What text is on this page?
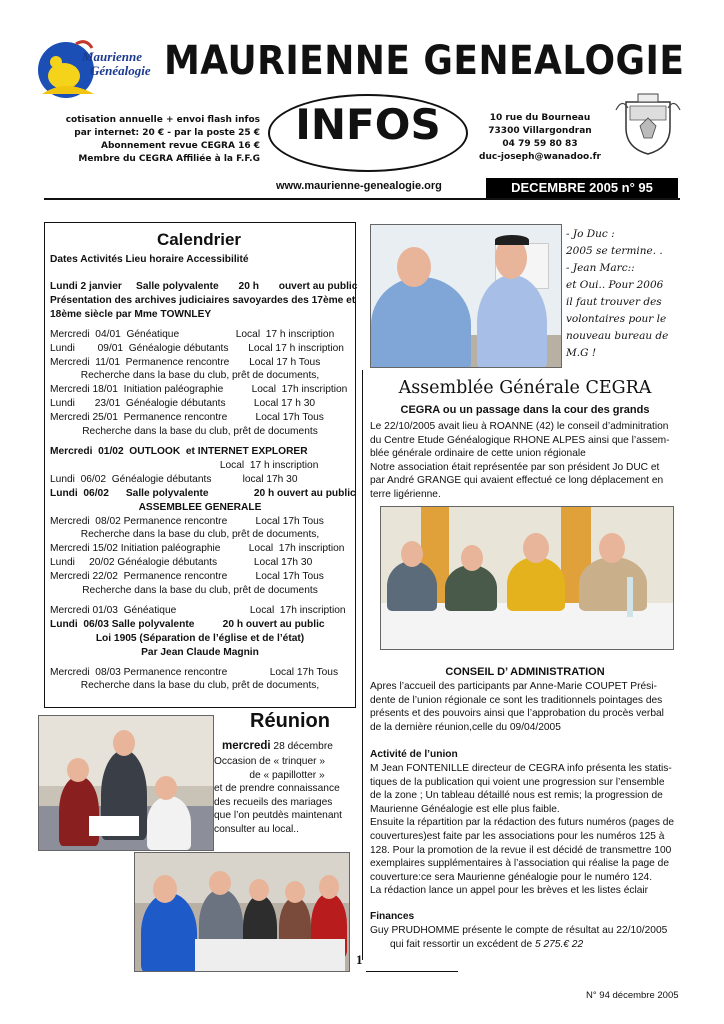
Maurienne
Généalogie MAURIENNE GENEALOGIE
cotisation annuelle + envoi flash infos
par internet: 20 € - par la poste 25 €
Abonnement revue CEGRA 16 €
Membre du CEGRA Affiliée à la F.F.G
INFOS	10 rue du Bourneau
73300 Villargondran
04 79 59 80 83
duc-joseph@wanadoo.fr
www.maurienne-genealogie.org	DECEMBRE 2005 n° 95
Calendrier
Dates Activités Lieu horaire Accessibilité
Lundi 2 janvier     Salle polyvalente       20 h       ouvert au public
Présentation des archives judiciaires savoyardes des 17ème et
18ème siècle par Mme TOWNLEY
Mercredi  04/01  Généatique                    Local  17 h inscription
Lundi        09/01  Généalogie débutants       Local 17 h inscription
Mercredi  11/01  Permanence rencontre       Local 17 h Tous
Recherche dans la base du club, prêt de documents,
Mercredi 18/01  Initiation paléographie          Local  17h inscription
Lundi       23/01  Généalogie débutants          Local 17 h 30
Mercredi 25/01  Permanence rencontre          Local 17h Tous
Recherche dans la base du club, prêt de documents
Mercredi  01/02  OUTLOOK  et INTERNET EXPLORER
Local  17 h inscription
Lundi  06/02  Généalogie débutants           local 17h 30
Lundi  06/02      Salle polyvalente                20 h ouvert au public
ASSEMBLEE GENERALE
Mercredi  08/02 Permanence rencontre          Local 17h Tous
Recherche dans la base du club, prêt de documents,
Mercredi 15/02 Initiation paléographie          Local  17h inscription
Lundi     20/02 Généalogie débutants             Local 17h 30
Mercredi 22/02  Permanence rencontre          Local 17h Tous
Recherche dans la base du club, prêt de documents
Mercredi 01/03  Généatique                          Local  17h inscription
Lundi  06/03 Salle polyvalente          20 h ouvert au public
Loi 1905 (Séparation de l’église et de l’état)
Par Jean Claude Magnin
Mercredi  08/03 Permanence rencontre               Local 17h Tous
Recherche dans la base du club, prêt de documents,
Réunion
mercredi 28 décembre
Occasion de « trinquer »
de « papillotter »
et de prendre connaissance
des recueils des mariages
que l’on peutdès maintenant
consulter au local..
- Jo Duc :
2005 se termine. .
- Jean Marc::
et Oui.. Pour 2006
il faut trouver des
volontaires pour le
nouveau bureau de
M.G !
Assemblée Générale CEGRA
CEGRA ou un passage dans la cour des grands
Le 22/10/2005 avait lieu à ROANNE (42) le conseil d’adminitration
du Centre Etude Généalogique RHONE ALPES ainsi que l’assem-
blée générale ordinaire de cette union régionale
Notre association était représentée par son président Jo DUC et
par André GRANGE qui avaient effectué ce long déplacement en
terre ligérienne.
CONSEIL D’ ADMINISTRATION
Apres l’accueil des participants par Anne-Marie COUPET Prési-
dente de l’union régionale ce sont les traditionnels pointages des
présents et des pouvoirs ainsi que l’approbation du procès verbal
de la dernière réunion,celle du 09/04/2005
Activité de l’union
M Jean FONTENILLE directeur de CEGRA info présenta les statis-
tiques de la publication qui voient une progression sur l’ensemble
de la zone ; Un tableau détaillé nous est remis; la progression de
Maurienne Généalogie est elle plus faible.
Ensuite la répartition par la rédaction des futurs numéros (pages de
couvertures)est faite par les associations pour les numéros 125 à
128. Pour la promotion de la revue il est décidé de transmettre 100
exemplaires supplémentaires à l’association qui réalise la page de
couverture:ce sera Maurienne généalogie pour le numéro 124.
La rédaction lance un appel pour les brèves et les listes éclair
Finances
Guy PRUDHOMME présente le compte de résultat au 22/10/2005
qui fait ressortir un excédent de 5 275.€ 22
1
N° 94 décembre 2005
